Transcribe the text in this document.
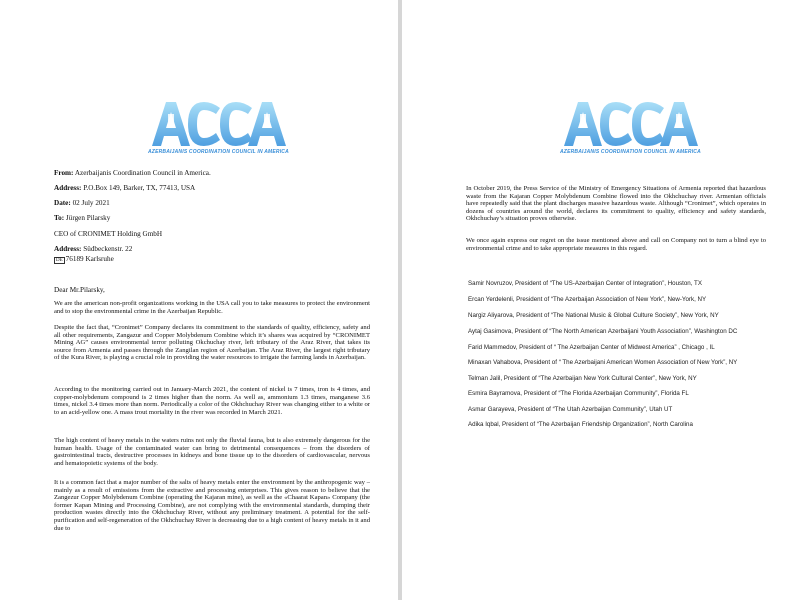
AZERBAIJANIS COORDINATION COUNCIL IN AMERICA
From: Azerbaijanis Coordination Council in America.
Address: P.O.Box 149, Barker, TX, 77413, USA
Date: 02 July 2021
To: Jürgen Pilarsky
CEO of CRONIMET Holding GmbH
Address: Südbeckenstr. 22
DE 76189 Karlsruhe
Dear Mr.Pilarsky,

We are the american non-profit organizations working in the USA call you to take measures to protect the environment and to stop the environmental crime in the Azerbaijan Republic.

Despite the fact that, “Cronimet” Company declares its commitment to the standards of quality, efficiency, safety and all other requirements, Zangazur and Copper Molybdenum Combine which it’s shares was acquired by “CRONIMET Mining AG” causes environmental terror polluting Okchuchay river, left tributary of the Araz River, that takes its source from Armenia and passes through the Zangilan region of Azerbaijan. The Araz River, the largest right tributary of the Kura River, is playing a crucial role in providing the water resources to irrigate the farming lands in Azerbaijan.

According to the monitoring carried out in January-March 2021, the content of nickel is 7 times, iron is 4 times, and copper-molybdenum compound is 2 times higher than the norm. As well as, ammonium 1.3 times, manganese 3.6 times, nickel 3.4 times more than norm. Periodically a color of the Okhchuchay River was changing either to a white or to an acid-yellow one. A mass trout mortality in the river was recorded in March 2021.

The high content of heavy metals in the waters ruins not only the fluvial fauna, but is also extremely dangerous for the human health. Usage of the contaminated water can bring to detrimental consequences – from the disorders of gastrointestinal tracts, destructive processes in kidneys and bone tissue up to the disorders of cardiovascular, nervous and hematopoietic systems of the body.

It is a common fact that a major number of the salts of heavy metals enter the environment by the anthropogenic way – mainly as a result of emissions from the extractive and processing enterprises. This gives reason to believe that the Zangezur Copper Molybdenum Combine (operating the Kajaran mine), as well as the «Chaarat Kapan» Company (the former Kapan Mining and Processing Combine), are not complying with the environmental standards, dumping their production wastes directly into the Okhchuchay River, without any preliminary treatment. A potential for the self-purification and self-regeneration of the Okhchuchay River is decreasing due to a high content of heavy metals in it and due to

AZERBAIJANIS COORDINATION COUNCIL IN AMERICA

In October 2019, the Press Service of the Ministry of Emergency Situations of Armenia reported that hazardous waste from the Kajaran Copper Molybdenum Combine flowed into the Okhchuchay river. Armenian officials have repeatedly said that the plant discharges massive hazardous waste. Although “Cronimet”, which operates in dozens of countries around the world, declares its commitment to quality, efficiency and safety standards, Okhchuchay’s situation proves otherwise.

We once again express our regret on the issue mentioned above and call on Company not to turn a blind eye to environmental crime and to take appropriate measures in this regard.

Samir Novruzov, President of “The US-Azerbaijan Center of Integration”, Houston, TX
Ercan Yerdelenli, President of “The Azerbaijan Association of New York”, New-York, NY
Nargiz Aliyarova, President of “The National Music & Global Culture Society”, New York, NY
Aytaj Gasimova, President of “The North American Azerbaijani Youth Association”, Washington DC
Farid Mammedov, President of “ The Azerbaijan Center of Midwest America” , Chicago , IL
Minaxan Vahabova, President of “ The Azerbaijani American Women Association of New York”, NY
Telman Jalil, President of “The Azerbaijan New York Cultural Center”, New York, NY
Esmira Bayramova, President of “The Florida Azerbaijan Community”, Florida FL
Asmar Garayeva, President of “The Utah Azerbaijan Community”, Utah UT
Adika Iqbal, President of “The Azerbaijan Friendship Organization”, North Carolina
